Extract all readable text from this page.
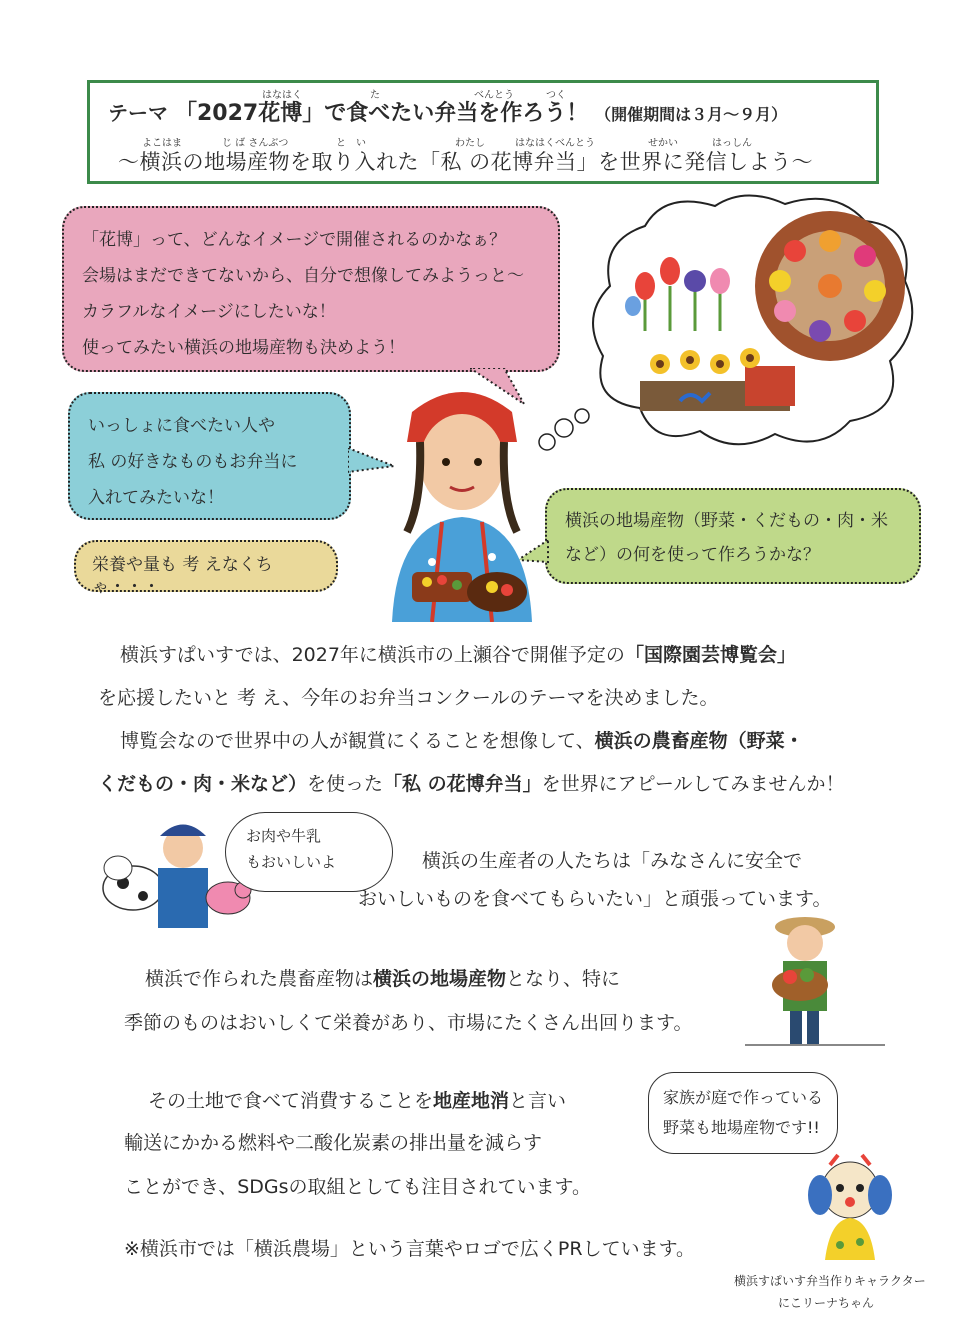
はなはく	た	べんとう	つく
テーマ 「2027花博」で食べたい弁当を作ろう！ （開催期間は３月〜９月）
よこはま	じ ば さんぶつ	と　い	わたし	はなはくべんとう	せかい	はっしん
〜横浜の地場産物を取り入れた「私 の花博弁当」を世界に発信しよう〜
「花博」って、どんなイメージで開催されるのかなぁ？
会場はまだできてないから、自分で想像してみようっと〜
カラフルなイメージにしたいな！
使ってみたい横浜の地場産物も決めよう！
いっしょに食べたい人や
私 の好きなものもお弁当に
入れてみたいな！
栄養や量も 考 えなくちゃ・・・
横浜の地場産物（野菜・くだもの・肉・米
など）の何を使って作ろうかな？
横浜すぱいすでは、2027年に横浜市の上瀬谷で開催予定の「国際園芸博覧会」
を応援したいと 考 え、今年のお弁当コンクールのテーマを決めました。
博覧会なので世界中の人が観賞にくることを想像して、横浜の農畜産物（野菜・
くだもの・肉・米など）を使った「私 の花博弁当」を世界にアピールしてみませんか！
お肉や牛乳
もおいしいよ	横浜の生産者の人たちは「みなさんに安全で
おいしいものを食べてもらいたい」と頑張っています。
横浜で作られた農畜産物は横浜の地場産物となり、特に
季節のものはおいしくて栄養があり、市場にたくさん出回ります。
その土地で食べて消費することを地産地消と言い
輸送にかかる燃料や二酸化炭素の排出量を減らす
ことができ、SDGsの取組としても注目されています。
家族が庭で作っている
野菜も地場産物です!!
※横浜市では「横浜農場」という言葉やロゴで広くPRしています。
横浜すぱいす弁当作りキャラクター
にこリーナちゃん
